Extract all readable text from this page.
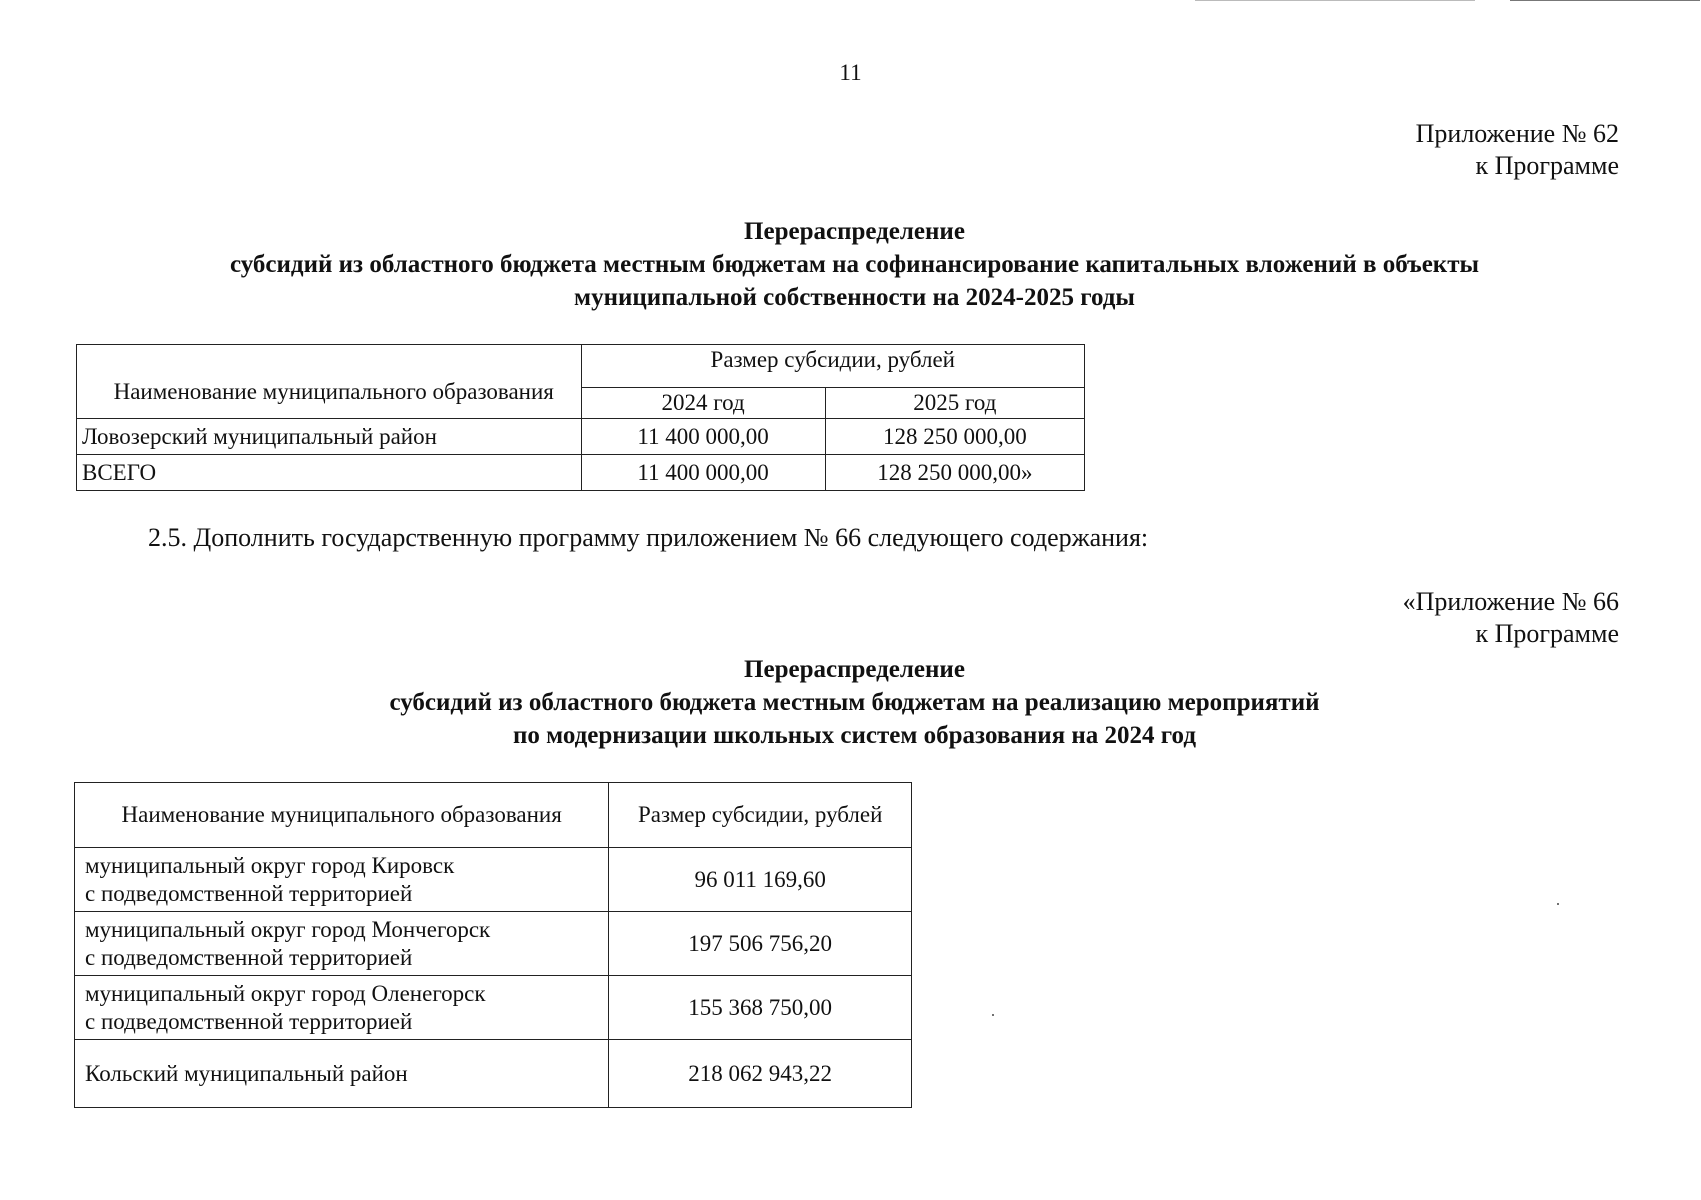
11
Приложение № 62
к Программе
Перераспределение
субсидий из областного бюджета местным бюджетам на софинансирование капитальных вложений в объекты
муниципальной собственности на 2024-2025 годы
Наименование муниципального образования	Размер субсидии, рублей	
	2024 год	2025 год
Ловозерский муниципальный район	11 400 000,00	128 250 000,00
ВСЕГО	11 400 000,00	128 250 000,00»
2.5. Дополнить государственную программу приложением № 66 следующего содержания:
«Приложение № 66
к Программе
Перераспределение
субсидий из областного бюджета местным бюджетам на реализацию мероприятий
по модернизации школьных систем образования на 2024 год
Наименование муниципального образования	Размер субсидии, рублей

муниципальный округ город Кировск
с подведомственной территорией	96 011 169,60

муниципальный округ город Мончегорск
с подведомственной территорией	197 506 756,20

муниципальный округ город Оленегорск
с подведомственной территорией	155 368 750,00

Кольский муниципальный район	218 062 943,22
